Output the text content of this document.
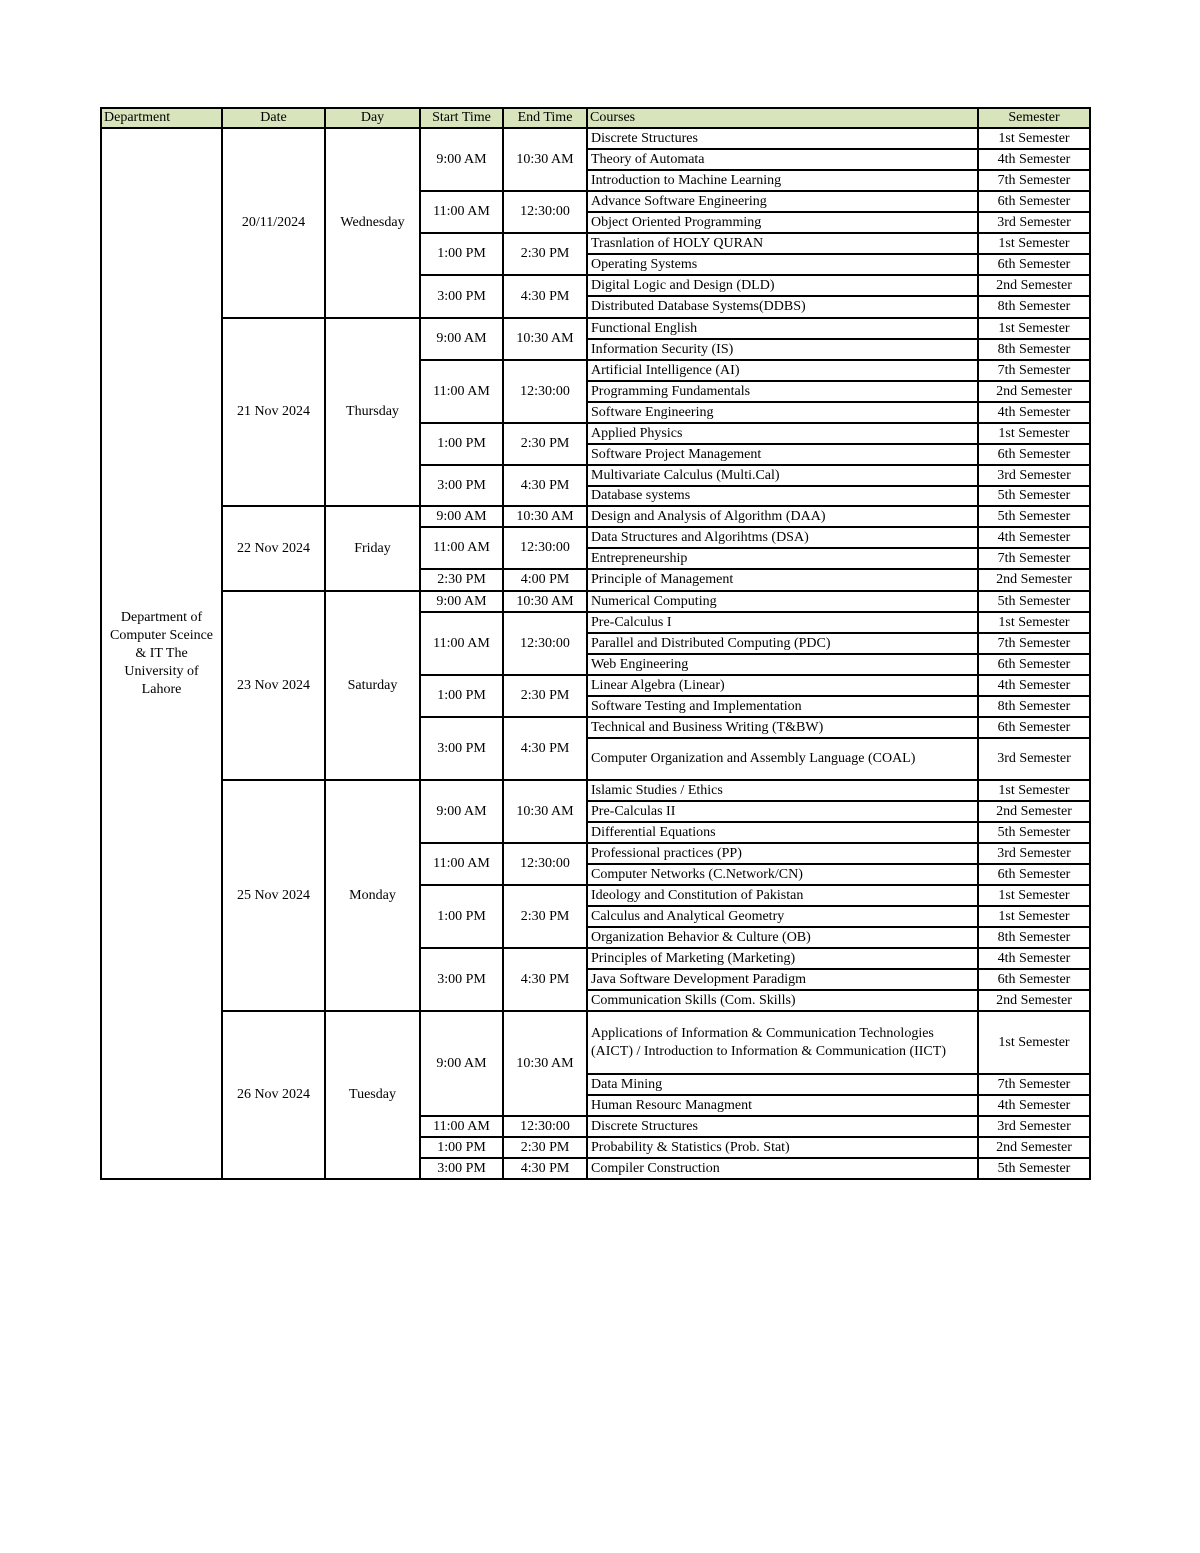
Department	Date	Day	Start Time	End Time	Courses	Semester
Department of Computer Sceince & IT The University of Lahore	20/11/2024	Wednesday	9:00 AM	10:30 AM	Discrete Structures	1st Semester
					Theory of Automata	4th Semester
					Introduction to Machine Learning	7th Semester
			11:00 AM	12:30:00	Advance Software Engineering	6th Semester
					Object Oriented Programming	3rd Semester
			1:00 PM	2:30 PM	Trasnlation of HOLY QURAN	1st Semester
					Operating Systems	6th Semester
			3:00 PM	4:30 PM	Digital Logic and Design (DLD)	2nd Semester
					Distributed Database Systems(DDBS)	8th Semester
	21 Nov 2024	Thursday	9:00 AM	10:30 AM	Functional English	1st Semester
					Information Security (IS)	8th Semester
			11:00 AM	12:30:00	Artificial Intelligence (AI)	7th Semester
					Programming Fundamentals	2nd Semester
					Software Engineering	4th Semester
			1:00 PM	2:30 PM	Applied Physics	1st Semester
					Software Project Management	6th Semester
			3:00 PM	4:30 PM	Multivariate Calculus (Multi.Cal)	3rd Semester
					Database systems	5th Semester
	22 Nov 2024	Friday	9:00 AM	10:30 AM	Design and Analysis of Algorithm (DAA)	5th Semester
			11:00 AM	12:30:00	Data Structures and Algorihtms (DSA)	4th Semester
					Entrepreneurship	7th Semester
			2:30 PM	4:00 PM	Principle of Management	2nd Semester
	23 Nov 2024	Saturday	9:00 AM	10:30 AM	Numerical Computing	5th Semester
			11:00 AM	12:30:00	Pre-Calculus I	1st Semester
					Parallel and Distributed Computing (PDC)	7th Semester
					Web Engineering	6th Semester
			1:00 PM	2:30 PM	Linear Algebra (Linear)	4th Semester
					Software Testing and Implementation	8th Semester
			3:00 PM	4:30 PM	Technical and Business Writing (T&BW)	6th Semester
					Computer Organization and Assembly Language (COAL)	3rd Semester
	25 Nov 2024	Monday	9:00 AM	10:30 AM	Islamic Studies / Ethics	1st Semester
					Pre-Calculas II	2nd Semester
					Differential Equations	5th Semester
			11:00 AM	12:30:00	Professional practices (PP)	3rd Semester
					Computer Networks (C.Network/CN)	6th Semester
			1:00 PM	2:30 PM	Ideology and Constitution of Pakistan	1st Semester
					Calculus and Analytical Geometry	1st Semester
					Organization Behavior & Culture (OB)	8th Semester
			3:00 PM	4:30 PM	Principles of Marketing (Marketing)	4th Semester
					Java Software Development Paradigm	6th Semester
					Communication Skills (Com. Skills)	2nd Semester
	26 Nov 2024	Tuesday	9:00 AM	10:30 AM	Applications of Information & Communication Technologies (AICT) / Introduction to Information & Communication (IICT)	1st Semester
					Data Mining	7th Semester
					Human Resourc Managment	4th Semester
			11:00 AM	12:30:00	Discrete Structures	3rd Semester
			1:00 PM	2:30 PM	Probability & Statistics (Prob. Stat)	2nd Semester
			3:00 PM	4:30 PM	Compiler Construction	5th Semester
